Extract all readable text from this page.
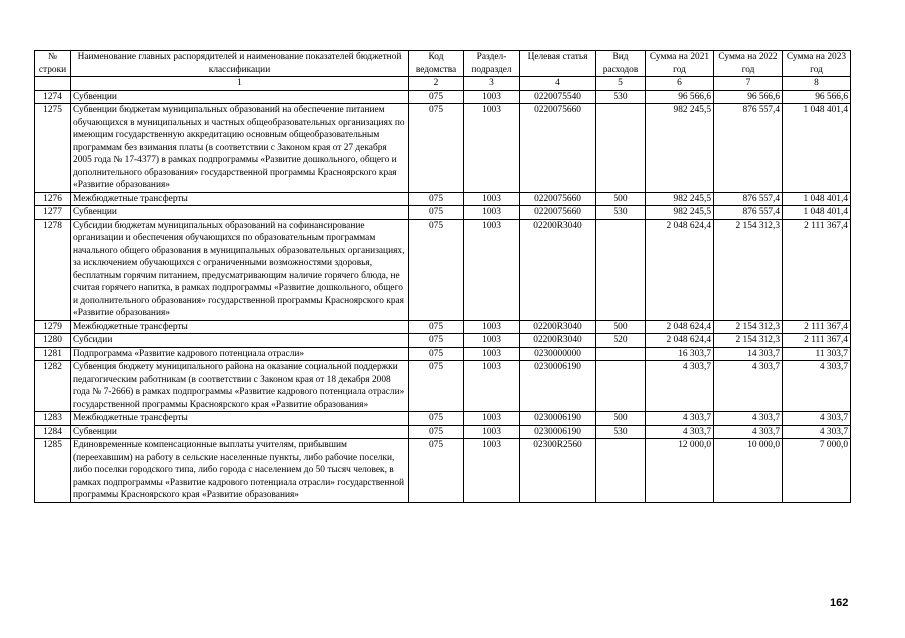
№ строки	Наименование главных распорядителей и наименование показателей бюджетной классификации	Код ведомства	Раздел-подраздел	Целевая статья	Вид расходов	Сумма на 2021 год	Сумма на 2022 год	Сумма на 2023 год
	1	2	3	4	5	6	7	8
1274	Субвенции	075	1003	0220075540	530	96 566,6	96 566,6	96 566,6
1275	Субвенции бюджетам муниципальных образований на обеспечение питанием обучающихся в муниципальных и частных общеобразовательных организациях по имеющим государственную аккредитацию основным общеобразовательным программам без взимания платы (в соответствии с Законом края от 27 декабря 2005 года № 17-4377) в рамках подпрограммы «Развитие дошкольного, общего и дополнительного образования» государственной программы Красноярского края «Развитие образования»	075	1003	0220075660		982 245,5	876 557,4	1 048 401,4
1276	Межбюджетные трансферты	075	1003	0220075660	500	982 245,5	876 557,4	1 048 401,4
1277	Субвенции	075	1003	0220075660	530	982 245,5	876 557,4	1 048 401,4
1278	Субсидии бюджетам муниципальных образований на софинансирование организации и обеспечения обучающихся по образовательным программам начального общего образования в муниципальных образовательных организациях, за исключением обучающихся с ограниченными возможностями здоровья, бесплатным горячим питанием, предусматривающим наличие горячего блюда, не считая горячего напитка, в рамках подпрограммы «Развитие дошкольного, общего и дополнительного образования» государственной программы Красноярского края «Развитие образования»	075	1003	02200R3040		2 048 624,4	2 154 312,3	2 111 367,4
1279	Межбюджетные трансферты	075	1003	02200R3040	500	2 048 624,4	2 154 312,3	2 111 367,4
1280	Субсидии	075	1003	02200R3040	520	2 048 624,4	2 154 312,3	2 111 367,4
1281	Подпрограмма «Развитие кадрового потенциала отрасли»	075	1003	0230000000		16 303,7	14 303,7	11 303,7
1282	Субвенция бюджету муниципального района на оказание социальной поддержки педагогическим работникам (в соответствии с Законом края от 18 декабря 2008 года № 7-2666) в рамках подпрограммы «Развитие кадрового потенциала отрасли» государственной программы Красноярского края «Развитие образования»	075	1003	0230006190		4 303,7	4 303,7	4 303,7
1283	Межбюджетные трансферты	075	1003	0230006190	500	4 303,7	4 303,7	4 303,7
1284	Субвенции	075	1003	0230006190	530	4 303,7	4 303,7	4 303,7
1285	Единовременные компенсационные выплаты учителям, прибывшим (переехавшим) на работу в сельские населенные пункты, либо рабочие поселки, либо поселки городского типа, либо города с населением до 50 тысяч человек, в рамках подпрограммы «Развитие кадрового потенциала отрасли» государственной программы Красноярского края «Развитие образования»	075	1003	02300R2560		12 000,0	10 000,0	7 000,0
162
